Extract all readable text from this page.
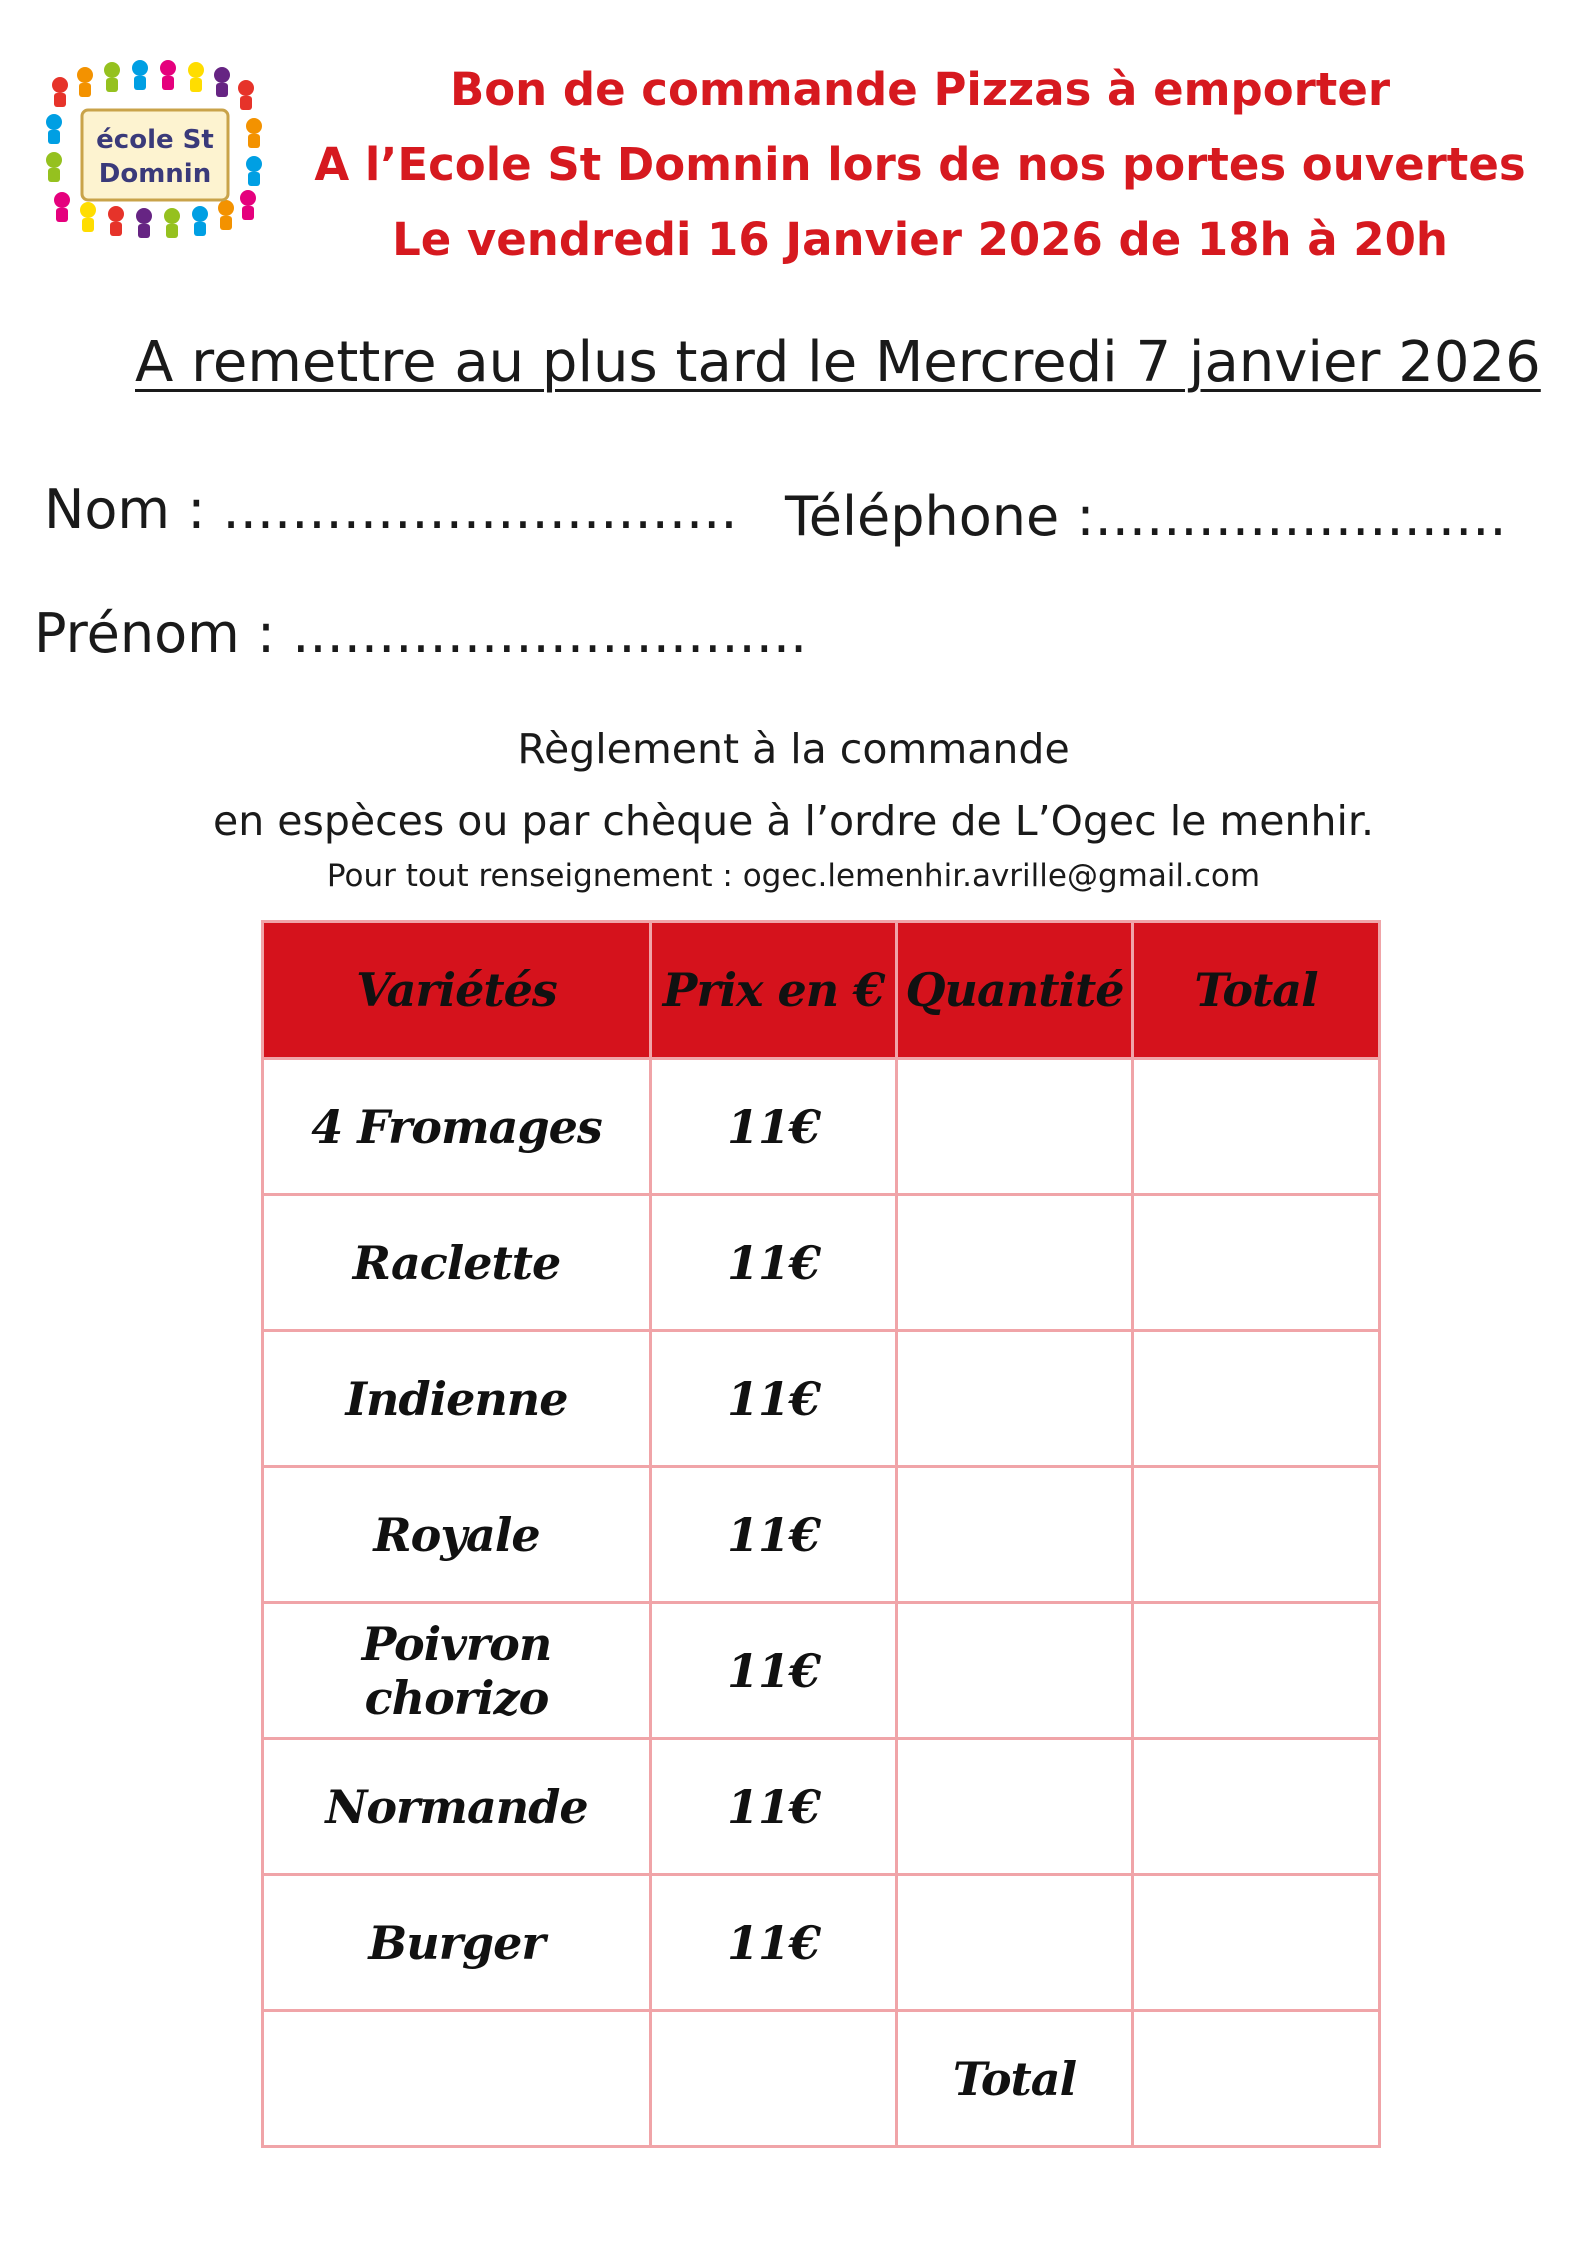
école St
Domnin
Bon de commande Pizzas à emporter
A l’Ecole St Domnin lors de nos portes ouvertes
Le vendredi 16 Janvier 2026 de 18h à 20h
A remettre au plus tard le Mercredi 7 janvier 2026
Nom : .............................. Téléphone :........................
Prénom : ..............................
Règlement à la commande
en espèces ou par chèque à l’ordre de L’Ogec le menhir.
Pour tout renseignement : ogec.lemenhir.avrille@gmail.com
Variétés	Prix en €	Quantité	Total
4 Fromages	11€		
Raclette	11€		
Indienne	11€		
Royale	11€		
Poivron chorizo	11€		
Normande	11€		
Burger	11€		
		Total	
